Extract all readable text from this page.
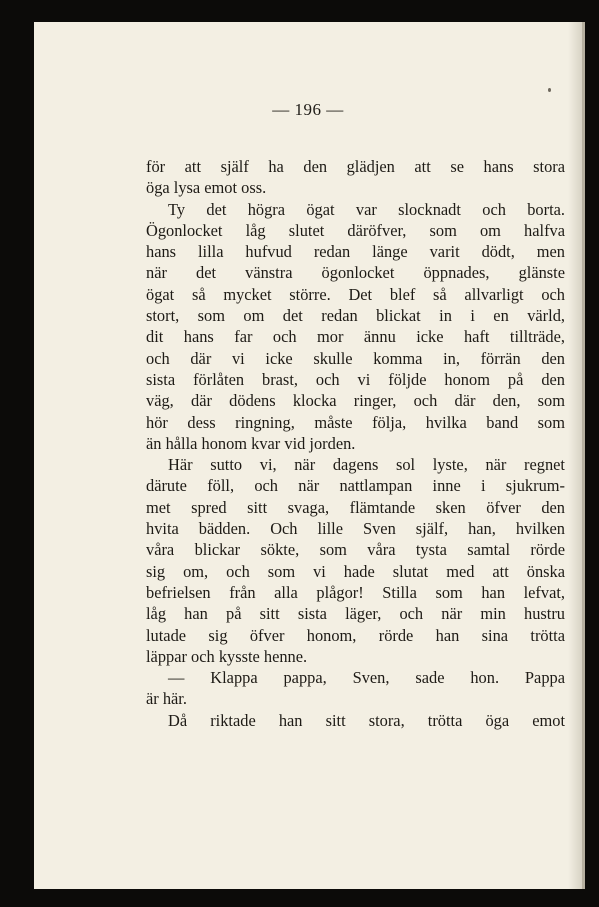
— 196 —
för att själf ha den glädjen att se hans stora
öga lysa emot oss.
Ty det högra ögat var slocknadt och borta.
Ögonlocket låg slutet däröfver, som om halfva
hans lilla hufvud redan länge varit dödt, men
när det vänstra ögonlocket öppnades, glänste
ögat så mycket större. Det blef så allvarligt och
stort, som om det redan blickat in i en värld,
dit hans far och mor ännu icke haft tillträde,
och där vi icke skulle komma in, förrän den
sista förlåten brast, och vi följde honom på den
väg, där dödens klocka ringer, och där den, som
hör dess ringning, måste följa, hvilka band som
än hålla honom kvar vid jorden.
Här sutto vi, när dagens sol lyste, när regnet
därute föll, och när nattlampan inne i sjukrum-
met spred sitt svaga, flämtande sken öfver den
hvita bädden. Och lille Sven själf, han, hvilken
våra blickar sökte, som våra tysta samtal rörde
sig om, och som vi hade slutat med att önska
befrielsen från alla plågor! Stilla som han lefvat,
låg han på sitt sista läger, och när min hustru
lutade sig öfver honom, rörde han sina trötta
läppar och kysste henne.
— Klappa pappa, Sven, sade hon. Pappa
är här.
Då riktade han sitt stora, trötta öga emot
